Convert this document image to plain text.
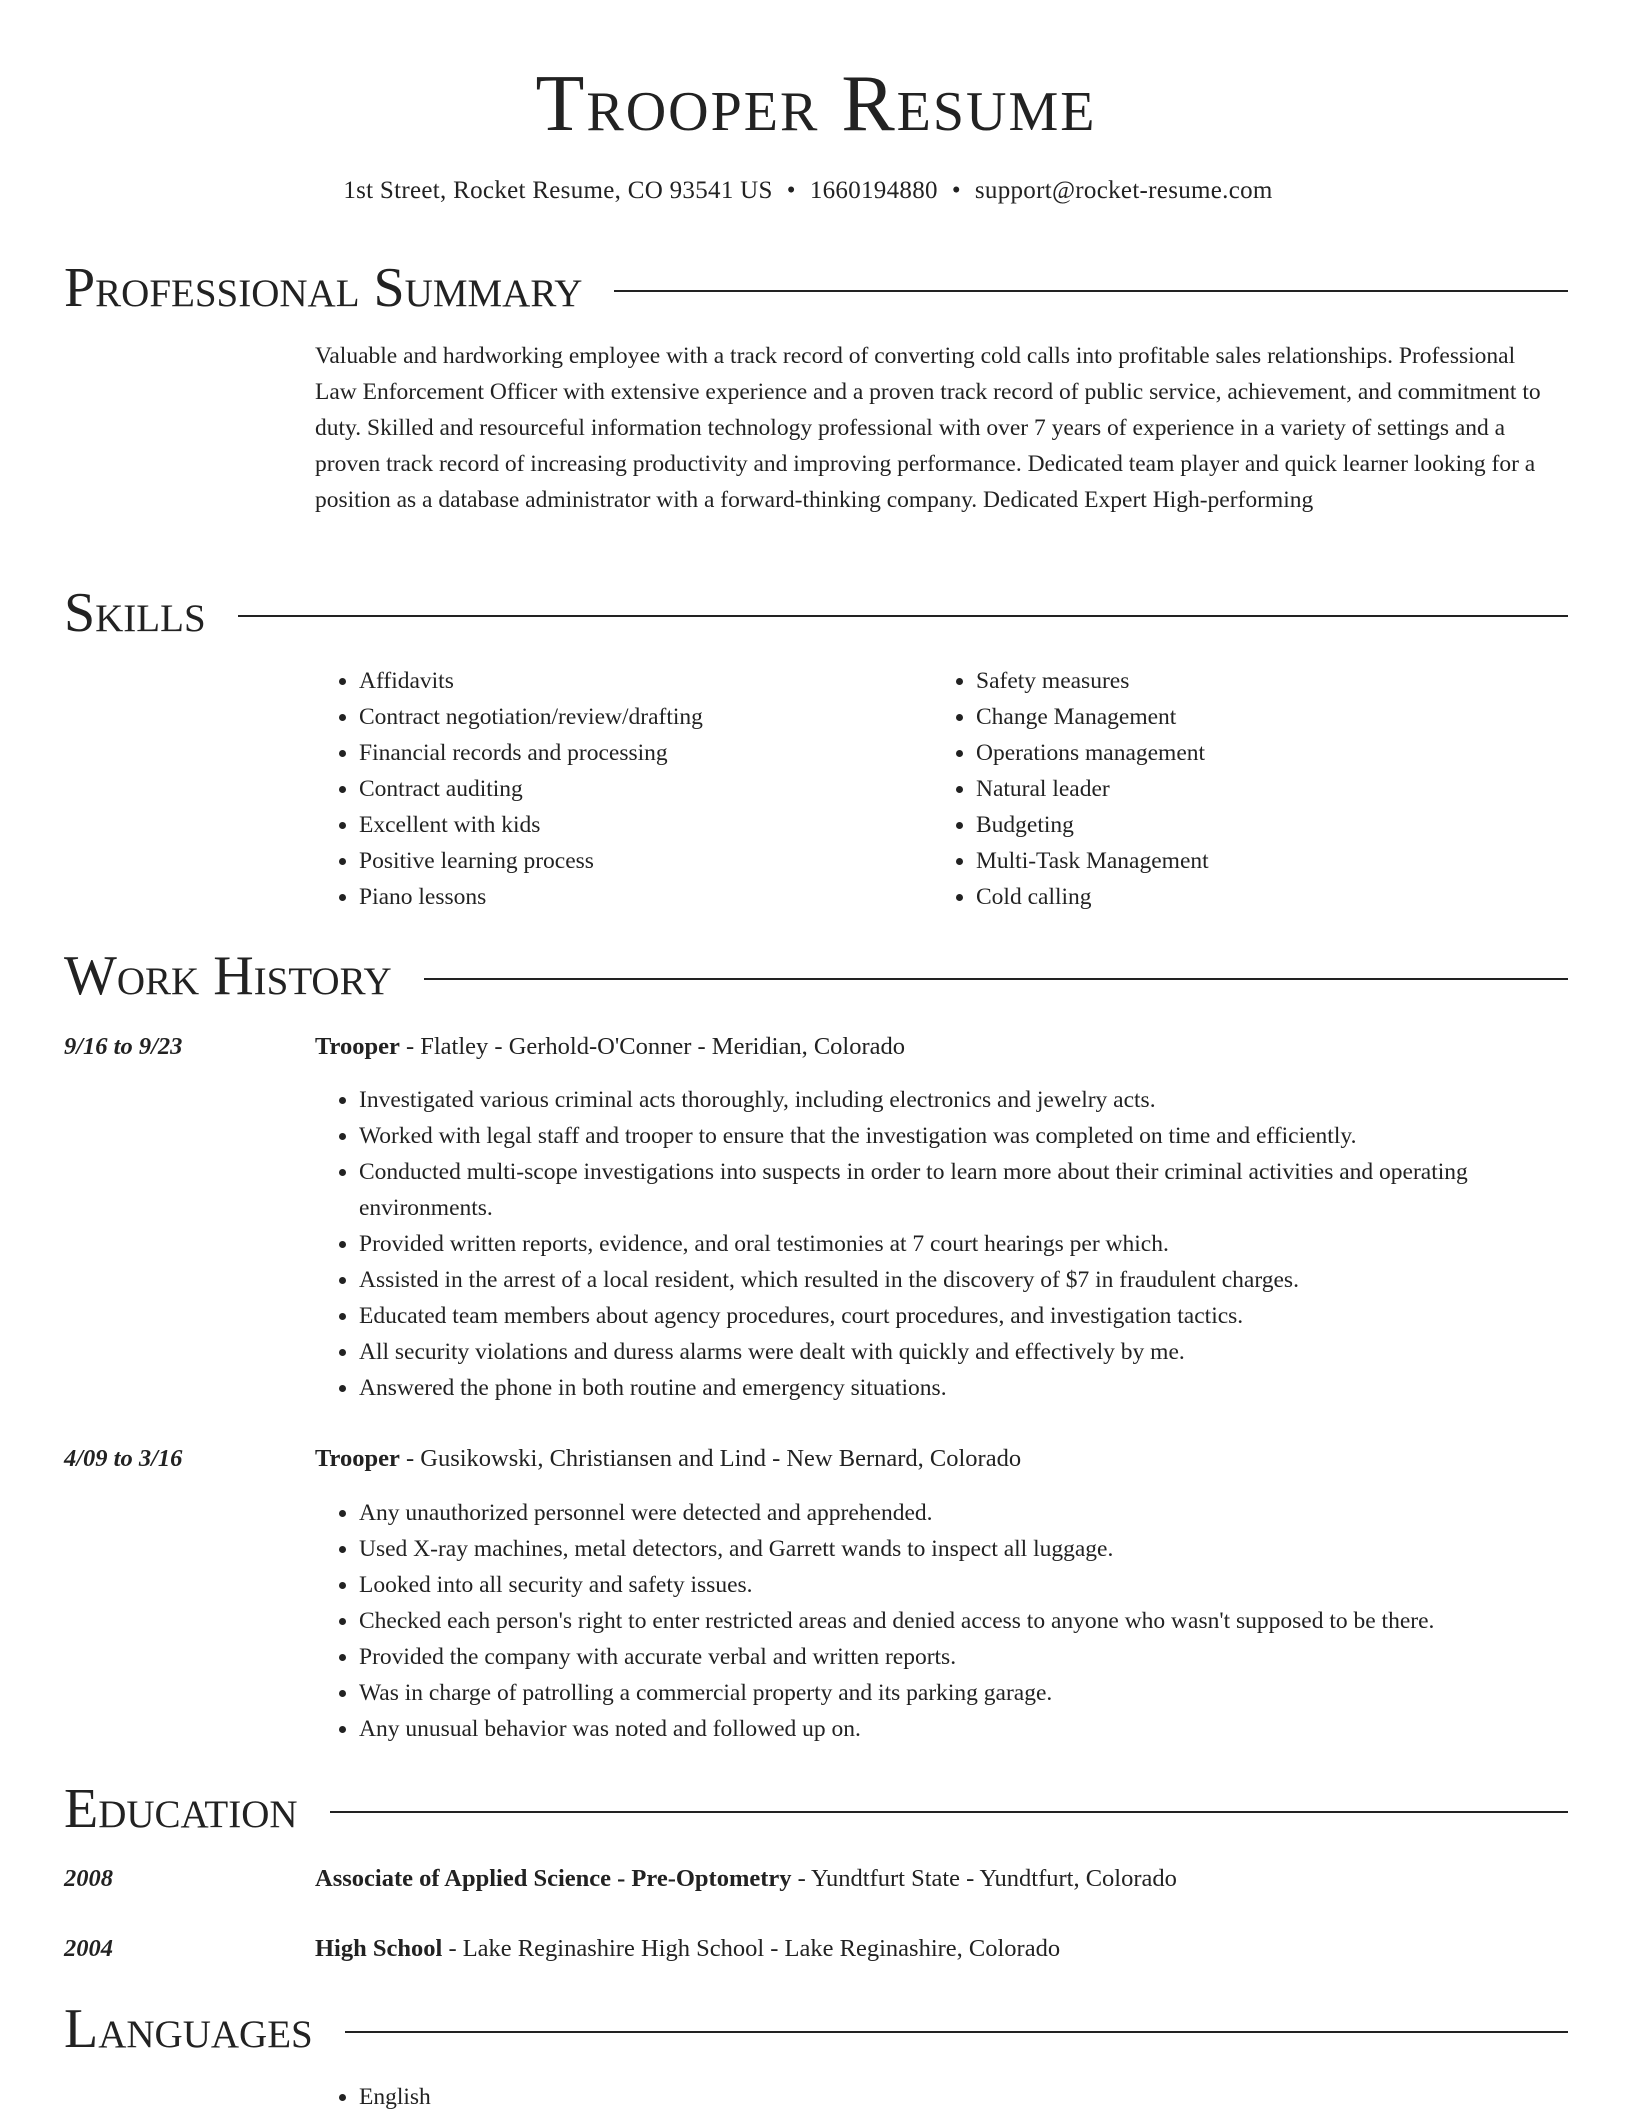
Trooper Resume
1st Street, Rocket Resume, CO 93541 US • 1660194880 • support@rocket-resume.com
Professional Summary

Valuable and hardworking employee with a track record of converting cold calls into profitable sales relationships. Professional Law Enforcement Officer with extensive experience and a proven track record of public service, achievement, and commitment to duty. Skilled and resourceful information technology professional with over 7 years of experience in a variety of settings and a proven track record of increasing productivity and improving performance. Dedicated team player and quick learner looking for a position as a database administrator with a forward-thinking company. Dedicated Expert High-performing

Skills
• Affidavits
• Contract negotiation/review/drafting
• Financial records and processing
• Contract auditing
• Excellent with kids
• Positive learning process
• Piano lessons
• Safety measures
• Change Management
• Operations management
• Natural leader
• Budgeting
• Multi-Task Management
• Cold calling
Work History
9/16 to 9/23	Trooper - Flatley - Gerhold-O'Conner - Meridian, Colorado
• Investigated various criminal acts thoroughly, including electronics and jewelry acts.
• Worked with legal staff and trooper to ensure that the investigation was completed on time and efficiently.
• Conducted multi-scope investigations into suspects in order to learn more about their criminal activities and operating environments.
• Provided written reports, evidence, and oral testimonies at 7 court hearings per which.
• Assisted in the arrest of a local resident, which resulted in the discovery of $7 in fraudulent charges.
• Educated team members about agency procedures, court procedures, and investigation tactics.
• All security violations and duress alarms were dealt with quickly and effectively by me.
• Answered the phone in both routine and emergency situations.
4/09 to 3/16	Trooper - Gusikowski, Christiansen and Lind - New Bernard, Colorado
• Any unauthorized personnel were detected and apprehended.
• Used X-ray machines, metal detectors, and Garrett wands to inspect all luggage.
• Looked into all security and safety issues.
• Checked each person's right to enter restricted areas and denied access to anyone who wasn't supposed to be there.
• Provided the company with accurate verbal and written reports.
• Was in charge of patrolling a commercial property and its parking garage.
• Any unusual behavior was noted and followed up on.
Education
2008	Associate of Applied Science - Pre-Optometry - Yundtfurt State - Yundtfurt, Colorado
2004	High School - Lake Reginashire High School - Lake Reginashire, Colorado
Languages
• English
